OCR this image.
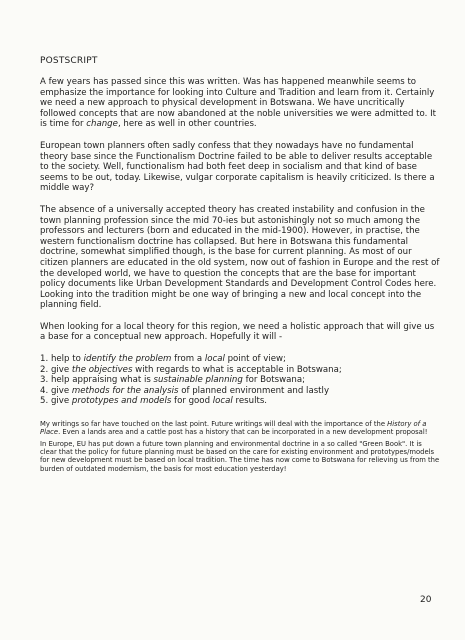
POSTSCRIPT

A few years has passed since this was written. Was has happened meanwhile seems to emphasize the importance for looking into Culture and Tradition and learn from it. Certainly we need a new approach to physical development in Botswana. We have uncritically followed concepts that are now abandoned at the noble universities we were admitted to. It is time for change, here as well in other countries.

European town planners often sadly confess that they nowadays have no fundamental theory base since the Functionalism Doctrine failed to be able to deliver results acceptable to the society. Well, functionalism had both feet deep in socialism and that kind of base seems to be out, today. Likewise, vulgar corporate capitalism is heavily criticized. Is there a middle way?

The absence of a universally accepted theory has created instability and confusion in the town planning profession since the mid 70-ies but astonishingly not so much among the professors and lecturers (born and educated in the mid-1900). However, in practise, the western functionalism doctrine has collapsed. But here in Botswana this fundamental doctrine, somewhat simplified though, is the base for current planning. As most of our citizen planners are educated in the old system, now out of fashion in Europe and the rest of the developed world, we have to question the concepts that are the base for important policy documents like Urban Development Standards and Development Control Codes here. Looking into the tradition might be one way of bringing a new and local concept into the planning field.

When looking for a local theory for this region, we need a holistic approach that will give us a base for a conceptual new approach. Hopefully it will -

1. help to identify the problem from a local point of view;
2. give the objectives with regards to what is acceptable in Botswana;
3. help appraising what is sustainable planning for Botswana;
4. give methods for the analysis of planned environment and lastly
5. give prototypes and models for good local results.

My writings so far have touched on the last point. Future writings will deal with the importance of the History of a Place. Even a lands area and a cattle post has a history that can be incorporated in a new development proposal!

In Europe, EU has put down a future town planning and environmental doctrine in a so called "Green Book". It is clear that the policy for future planning must be based on the care for existing environment and prototypes/models for new development must be based on local tradition. The time has now come to Botswana for relieving us from the burden of outdated modernism, the basis for most education yesterday!

20
